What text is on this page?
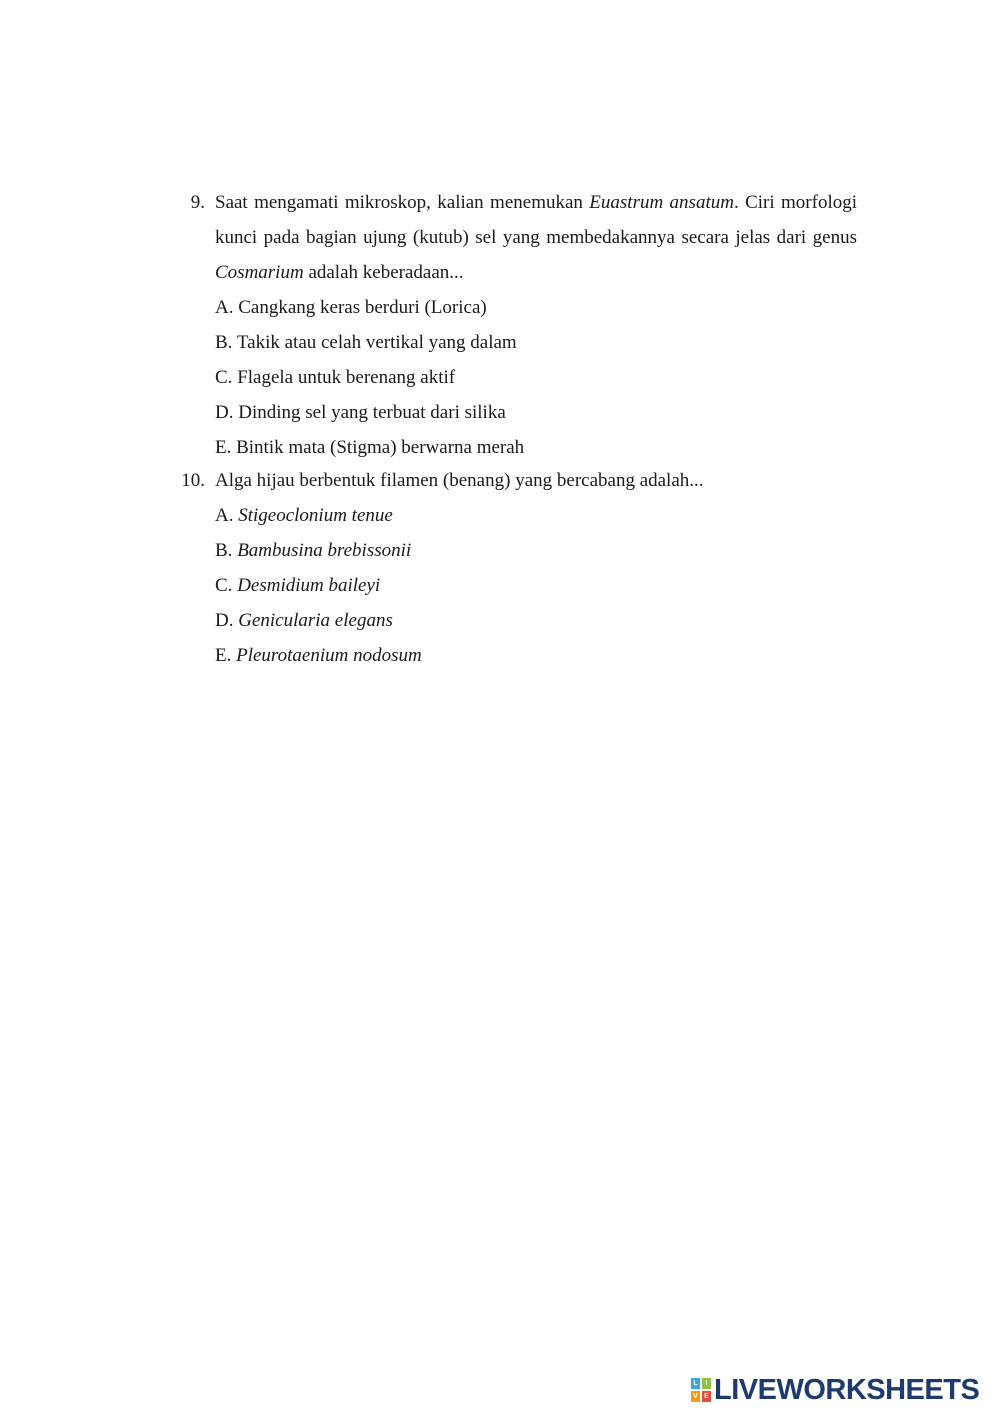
9. Saat mengamati mikroskop, kalian menemukan Euastrum ansatum. Ciri morfologi kunci pada bagian ujung (kutub) sel yang membedakannya secara jelas dari genus Cosmarium adalah keberadaan...

A. Cangkang keras berduri (Lorica)
B. Takik atau celah vertikal yang dalam
C. Flagela untuk berenang aktif
D. Dinding sel yang terbuat dari silika
E. Bintik mata (Stigma) berwarna merah
10. Alga hijau berbentuk filamen (benang) yang bercabang adalah...

A. Stigeoclonium tenue
B. Bambusina brebissonii
C. Desmidium baileyi
D. Genicularia elegans
E. Pleurotaenium nodosum
L	I
V E LIVEWORKSHEETS
